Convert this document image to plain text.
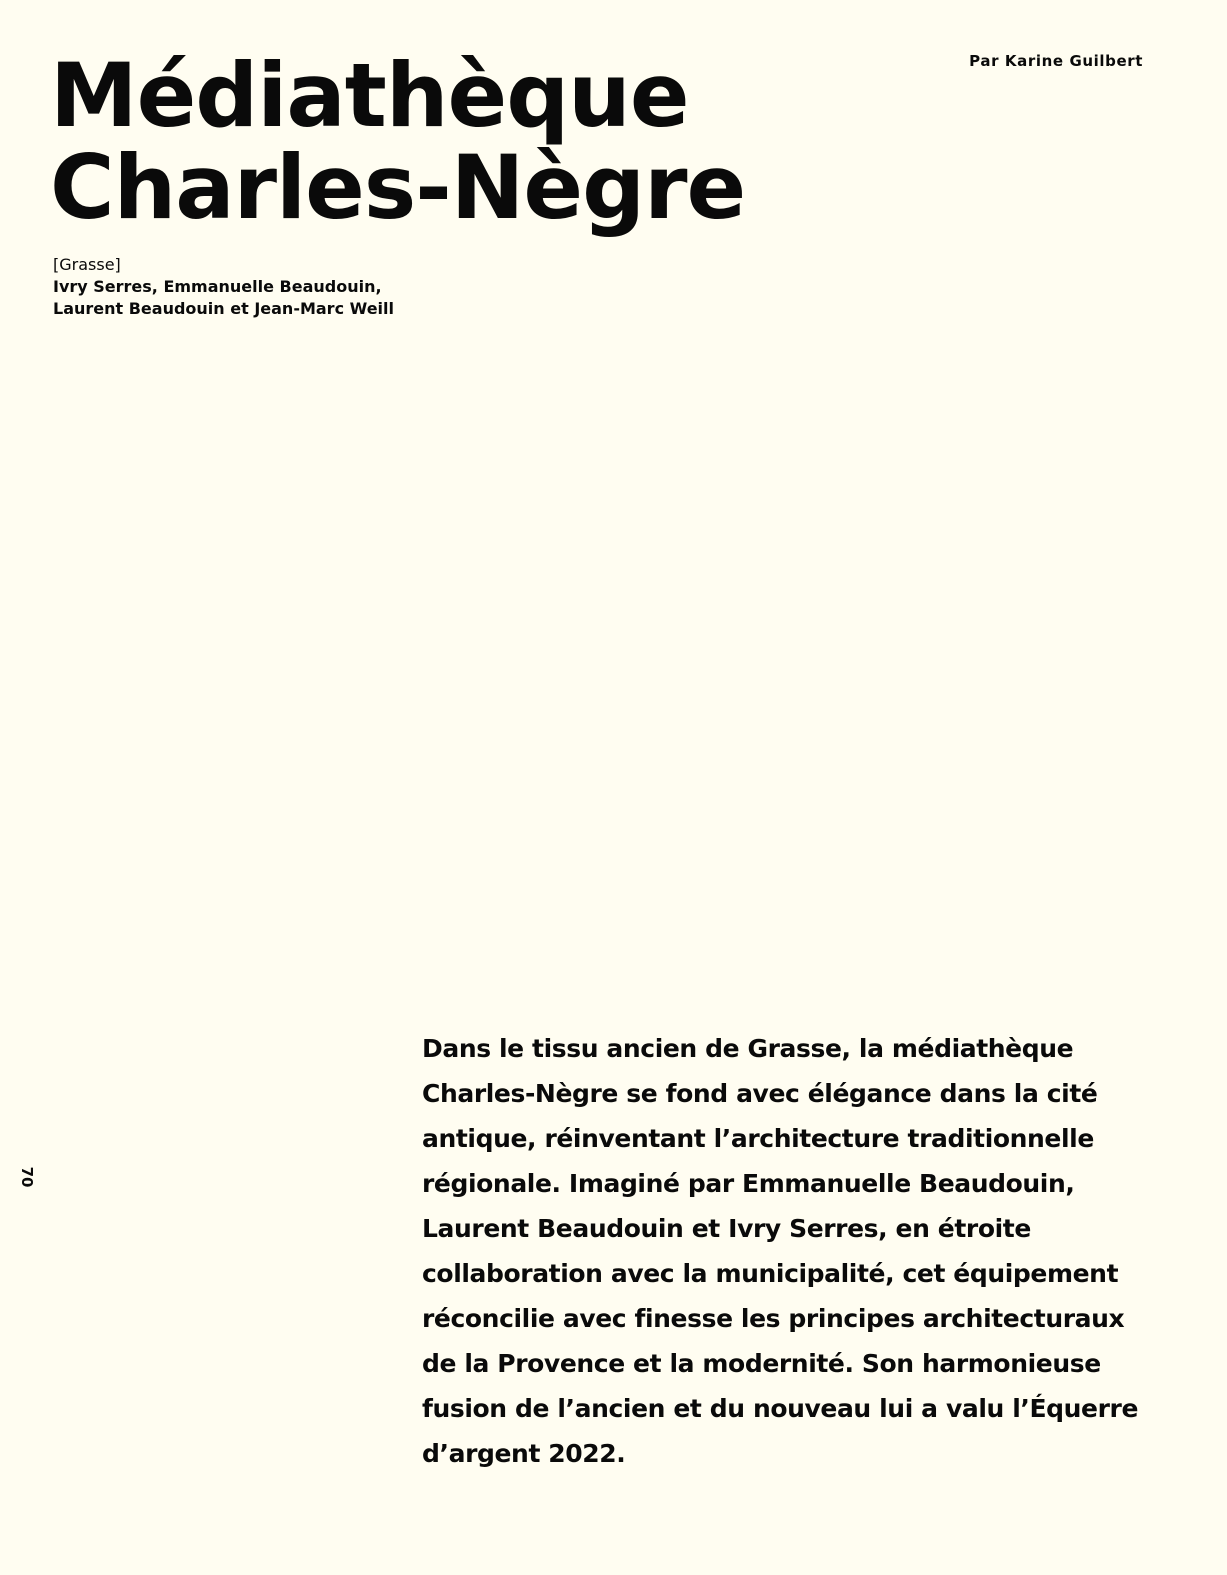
Par Karine Guilbert
Médiathèque
Charles-Nègre
[Grasse]
Ivry Serres, Emmanuelle Beaudouin, Laurent Beaudouin et Jean-Marc Weill

Dans le tissu ancien de Grasse, la médiathèque Charles-Nègre se fond avec élégance dans la cité antique, réinventant l’architecture traditionnelle régionale. Imaginé par Emmanuelle Beaudouin, Laurent Beaudouin et Ivry Serres, en étroite collaboration avec la municipalité, cet équipement réconcilie avec finesse les principes architecturaux de la Provence et la modernité. Son harmonieuse fusion de l’ancien et du nouveau lui a valu l’Équerre d’argent 2022.

70
